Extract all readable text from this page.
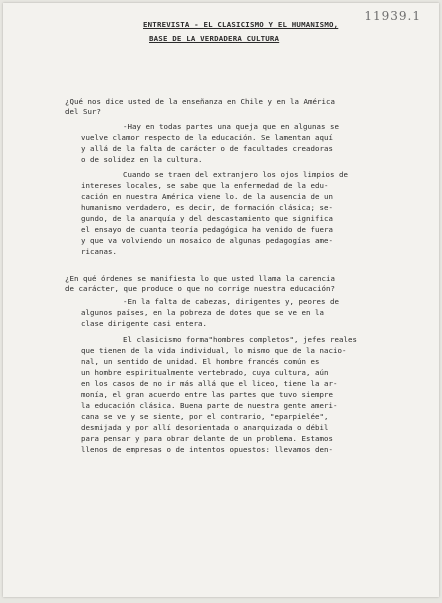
11939.1
ENTREVISTA - EL CLASICISMO Y EL HUMANISMO,
BASE DE LA VERDADERA CULTURA
¿Qué nos dice usted de la enseñanza en Chile y en la América
del Sur?
-Hay en todas partes una queja que en algunas se
vuelve clamor respecto de la educación. Se lamentan aquí
y allá de la falta de carácter o de facultades creadoras
o de solidez en la cultura.
Cuando se traen del extranjero los ojos limpios de
intereses locales, se sabe que la enfermedad de la edu-
cación en nuestra América viene lo. de la ausencia de un
humanismo verdadero, es decir, de formación clásica; se-
gundo, de la anarquía y del descastamiento que significa
el ensayo de cuanta teoría pedagógica ha venido de fuera
y que va volviendo un mosaico de algunas pedagogías ame-
ricanas.
¿En qué órdenes se manifiesta lo que usted llama la carencia
de carácter, que produce o que no corrige nuestra educación?
-En la falta de cabezas, dirigentes y, peores de
algunos países, en la pobreza de dotes que se ve en la
clase dirigente casi entera.
El clasicismo forma"hombres completos", jefes reales
que tienen de la vida individual, lo mismo que de la nacio-
nal, un sentido de unidad. El hombre francés común es
un hombre espiritualmente vertebrado, cuya cultura, aún
en los casos de no ir más allá que el liceo, tiene la ar-
monía, el gran acuerdo entre las partes que tuvo siempre
la educación clásica. Buena parte de nuestra gente ameri-
cana se ve y se siente, por el contrario, "eparpielée",
desmijada y por allí desorientada o anarquizada o débil
para pensar y para obrar delante de un problema. Estamos
llenos de empresas o de intentos opuestos: llevamos den-
